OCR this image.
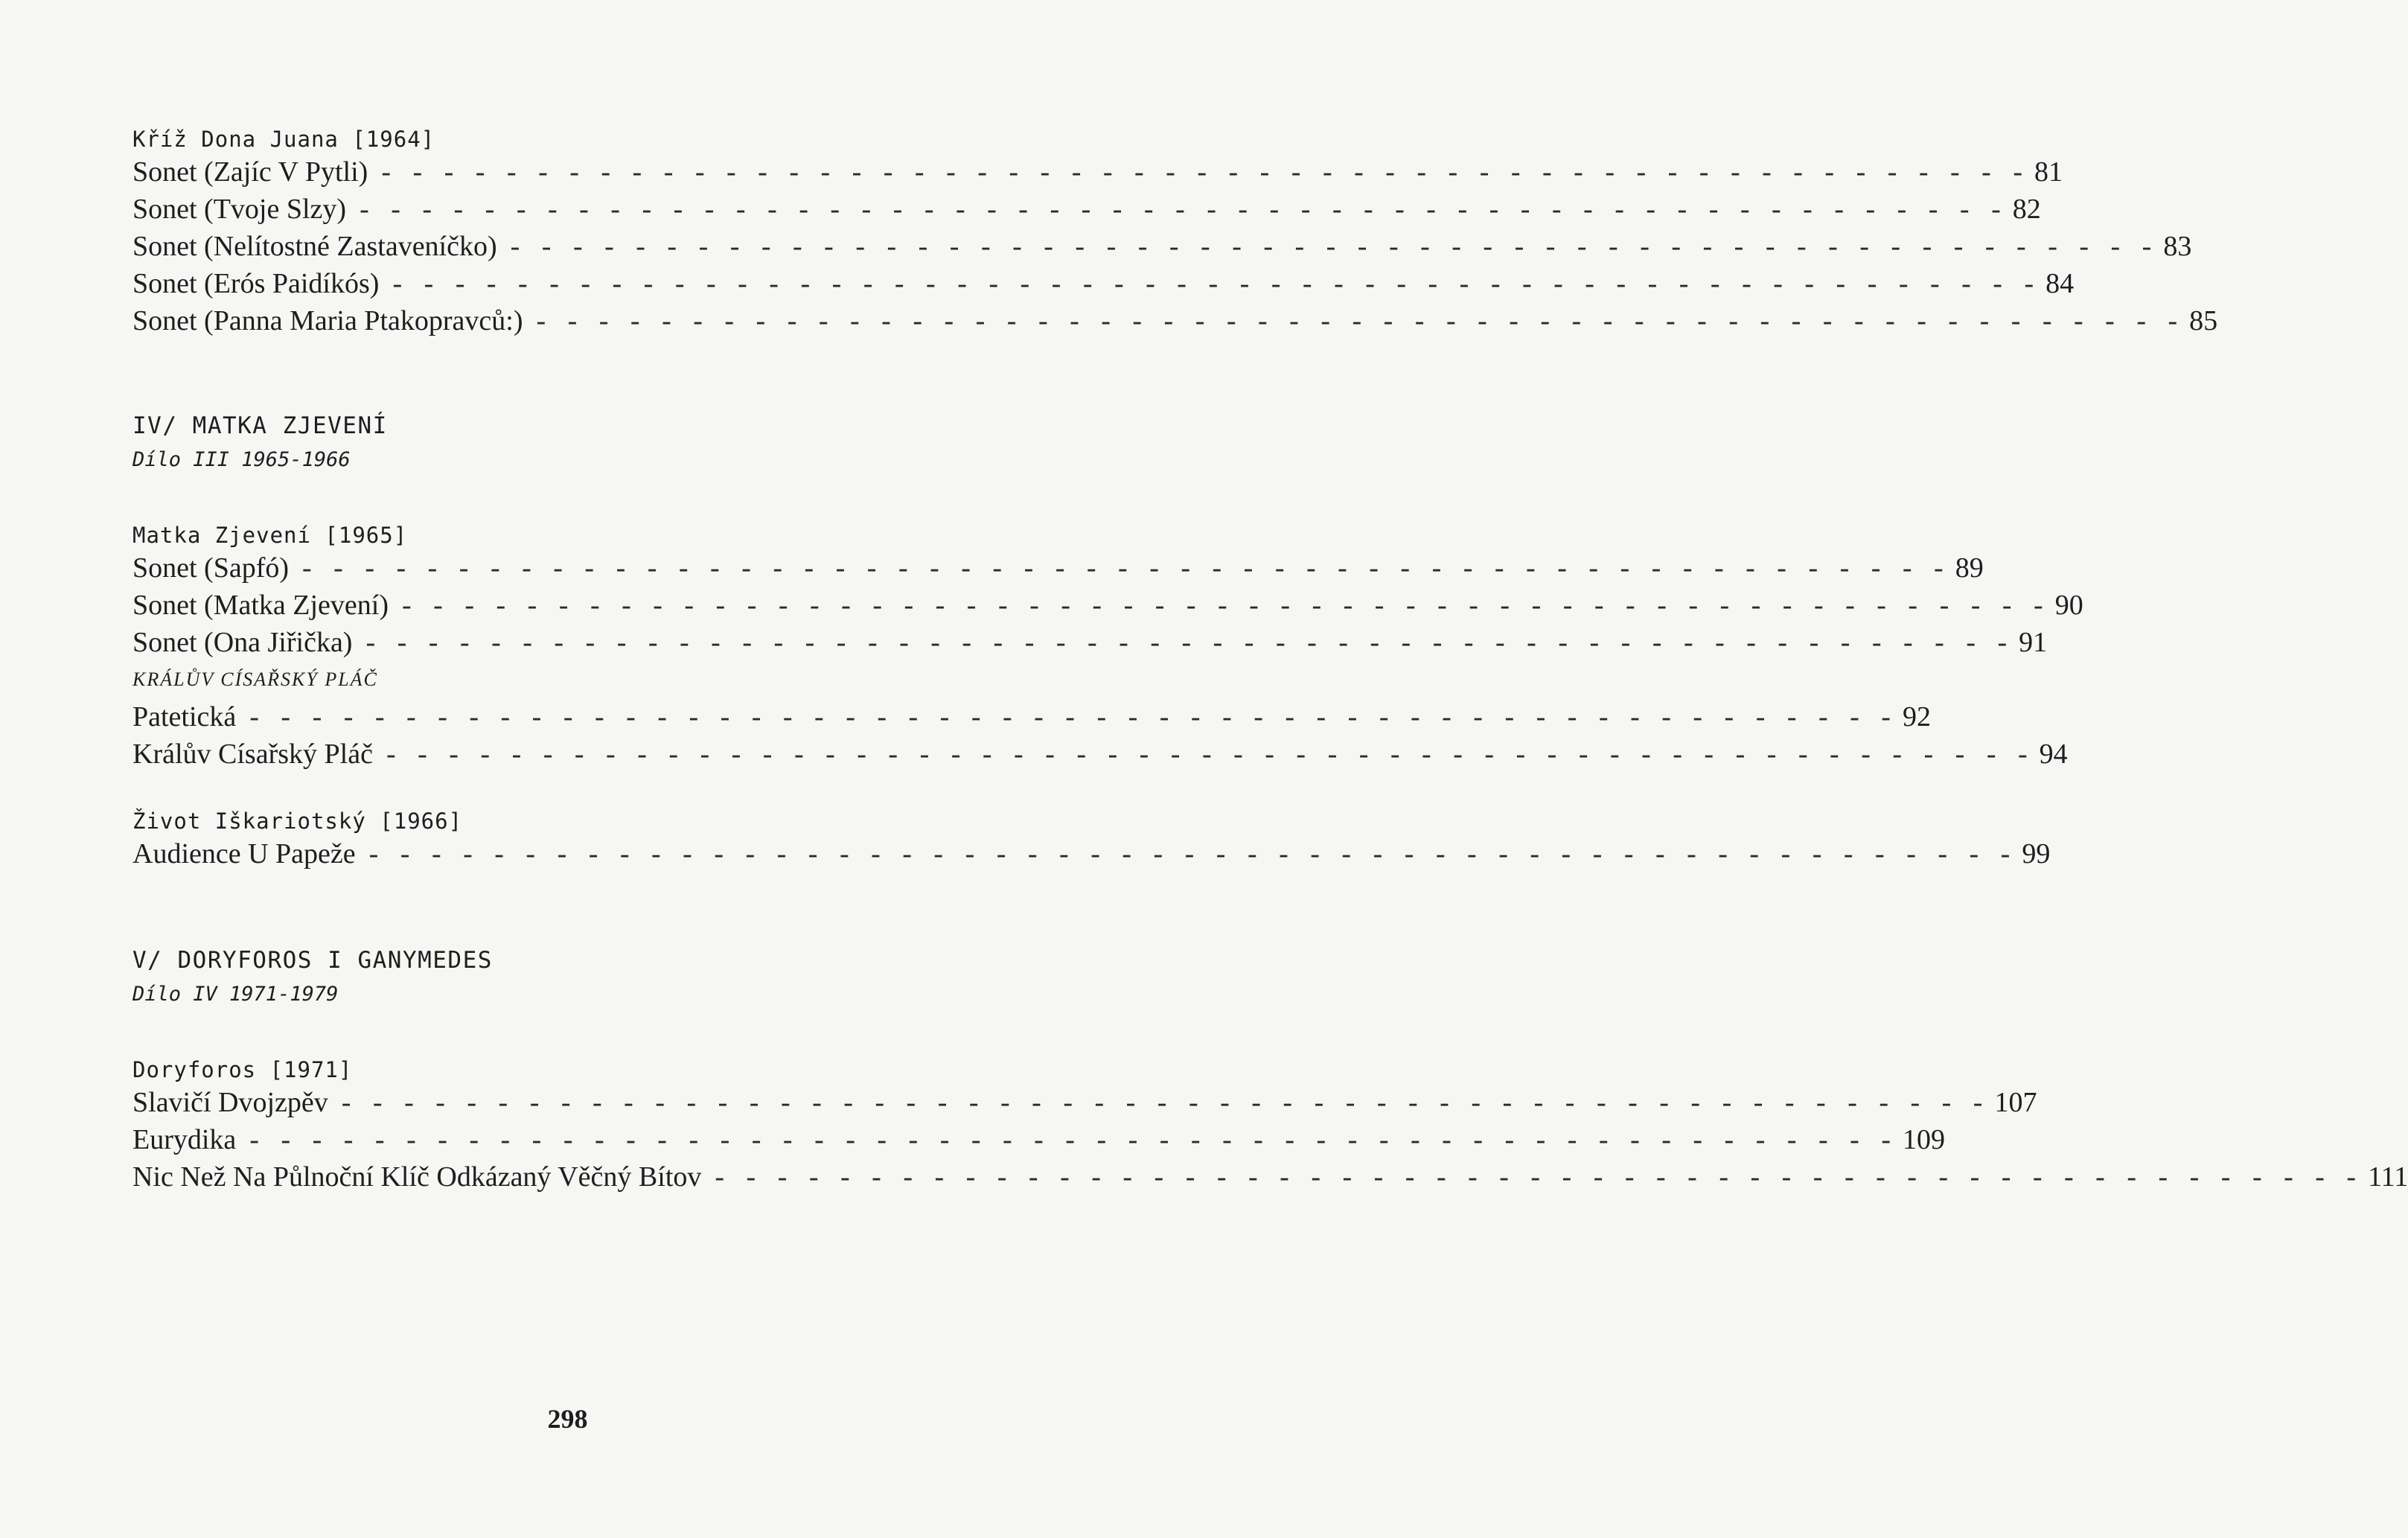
Kříž Dona Juana [1964]
Sonet (Zajíc V Pytli) - - - - - - - - - - - - - - - - - - - - - - - - - - - - - - - - - - - - - - - - - - - - - - - - - - - - - 81
Sonet (Tvoje Slzy) - - - - - - - - - - - - - - - - - - - - - - - - - - - - - - - - - - - - - - - - - - - - - - - - - - - - - 82
Sonet (Nelítostné Zastaveníčko) - - - - - - - - - - - - - - - - - - - - - - - - - - - - - - - - - - - - - - - - - - - - - - - - - - - - - 83
Sonet (Erós Paidíkós) - - - - - - - - - - - - - - - - - - - - - - - - - - - - - - - - - - - - - - - - - - - - - - - - - - - - - 84
Sonet (Panna Maria Ptakopravců:) - - - - - - - - - - - - - - - - - - - - - - - - - - - - - - - - - - - - - - - - - - - - - - - - - - - - - 85
IV/ MATKA ZJEVENÍ
Dílo III 1965-1966
Matka Zjevení [1965]
Sonet (Sapfó) - - - - - - - - - - - - - - - - - - - - - - - - - - - - - - - - - - - - - - - - - - - - - - - - - - - - - 89
Sonet (Matka Zjevení) - - - - - - - - - - - - - - - - - - - - - - - - - - - - - - - - - - - - - - - - - - - - - - - - - - - - - 90
Sonet (Ona Jiřička) - - - - - - - - - - - - - - - - - - - - - - - - - - - - - - - - - - - - - - - - - - - - - - - - - - - - - 91
KRÁLŮV CÍSAŘSKÝ PLÁČ
Patetická - - - - - - - - - - - - - - - - - - - - - - - - - - - - - - - - - - - - - - - - - - - - - - - - - - - - - 92
Králův Císařský Pláč - - - - - - - - - - - - - - - - - - - - - - - - - - - - - - - - - - - - - - - - - - - - - - - - - - - - - 94
Život Iškariotský [1966]
Audience U Papeže - - - - - - - - - - - - - - - - - - - - - - - - - - - - - - - - - - - - - - - - - - - - - - - - - - - - - 99
V/ DORYFOROS I GANYMEDES
Dílo IV 1971-1979
Doryforos [1971]
Slavičí Dvojzpěv - - - - - - - - - - - - - - - - - - - - - - - - - - - - - - - - - - - - - - - - - - - - - - - - - - - - - 107
Eurydika - - - - - - - - - - - - - - - - - - - - - - - - - - - - - - - - - - - - - - - - - - - - - - - - - - - - - 109
Nic Než Na Půlnoční Klíč Odkázaný Věčný Bítov - - - - - - - - - - - - - - - - - - - - - - - - - - - - - - - - - - - - - - - - - - - - - - - - - - - - - 111
298
